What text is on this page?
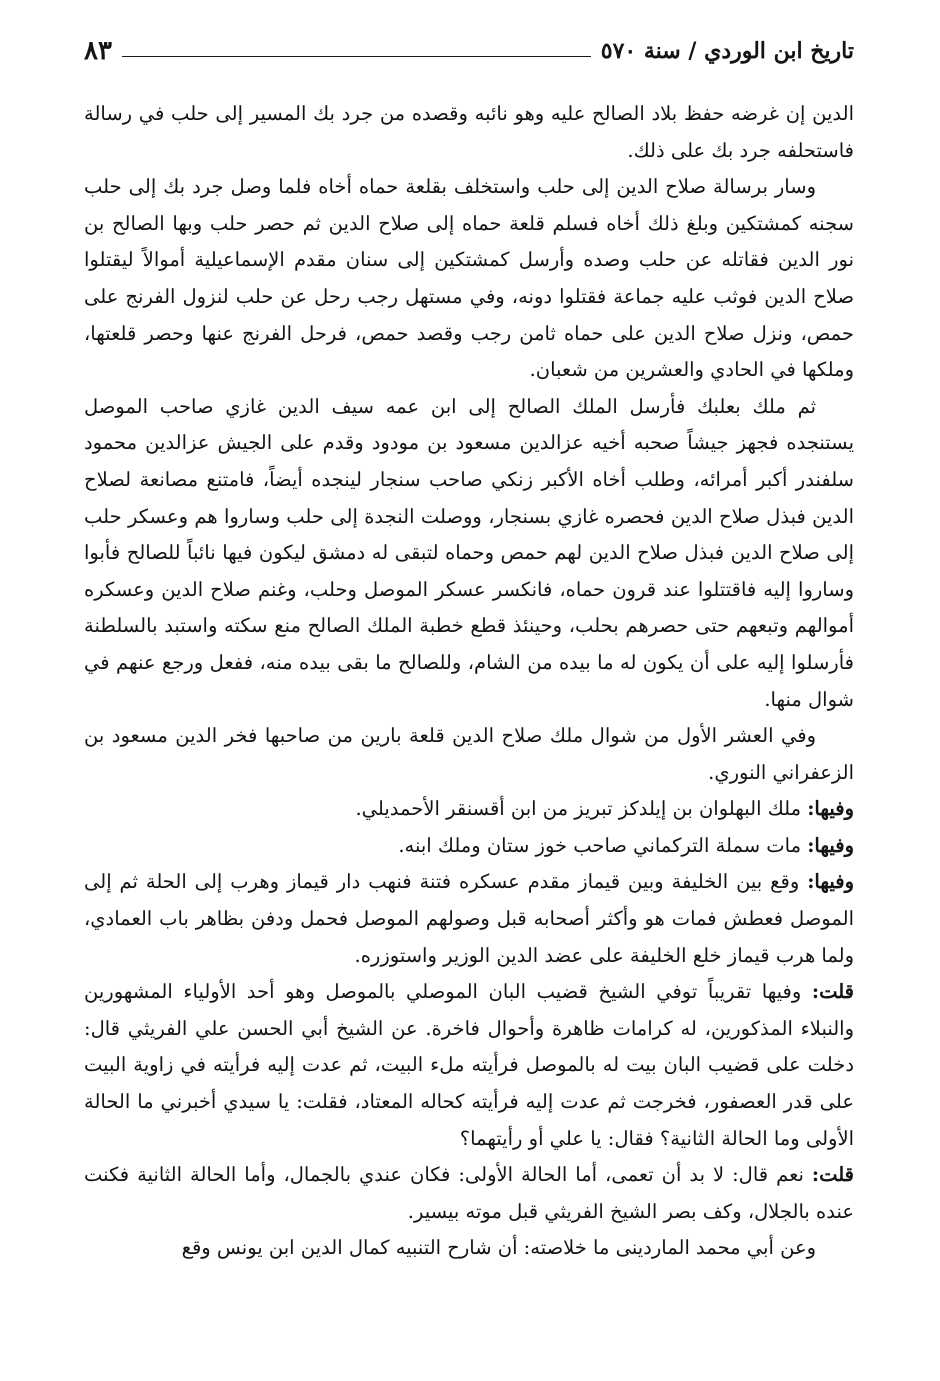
تاريخ ابن الوردي / سنة ٥٧٠
٨٣

الدين إن غرضه حفظ بلاد الصالح عليه وهو نائبه وقصده من جرد بك المسير إلى حلب في رسالة فاستحلفه جرد بك على ذلك.

وسار برسالة صلاح الدين إلى حلب واستخلف بقلعة حماه أخاه فلما وصل جرد بك إلى حلب سجنه كمشتكين وبلغ ذلك أخاه فسلم قلعة حماه إلى صلاح الدين ثم حصر حلب وبها الصالح بن نور الدين فقاتله عن حلب وصده وأرسل كمشتكين إلى سنان مقدم الإسماعيلية أموالاً ليقتلوا صلاح الدين فوثب عليه جماعة فقتلوا دونه، وفي مستهل رجب رحل عن حلب لنزول الفرنج على حمص، ونزل صلاح الدين على حماه ثامن رجب وقصد حمص، فرحل الفرنج عنها وحصر قلعتها، وملكها في الحادي والعشرين من شعبان.

ثم ملك بعلبك فأرسل الملك الصالح إلى ابن عمه سيف الدين غازي صاحب الموصل يستنجده فجهز جيشاً صحبه أخيه عزالدين مسعود بن مودود وقدم على الجيش عزالدين محمود سلفندر أكبر أمرائه، وطلب أخاه الأكبر زنكي صاحب سنجار لينجده أيضاً، فامتنع مصانعة لصلاح الدين فبذل صلاح الدين فحصره غازي بسنجار، ووصلت النجدة إلى حلب وساروا هم وعسكر حلب إلى صلاح الدين فبذل صلاح الدين لهم حمص وحماه لتبقى له دمشق ليكون فيها نائباً للصالح فأبوا وساروا إليه فاقتتلوا عند قرون حماه، فانكسر عسكر الموصل وحلب، وغنم صلاح الدين وعسكره أموالهم وتبعهم حتى حصرهم بحلب، وحينئذ قطع خطبة الملك الصالح منع سكته واستبد بالسلطنة فأرسلوا إليه على أن يكون له ما بيده من الشام، وللصالح ما بقى بيده منه، ففعل ورجع عنهم في شوال منها.

وفي العشر الأول من شوال ملك صلاح الدين قلعة بارين من صاحبها فخر الدين مسعود بن الزعفراني النوري.

وفيها: ملك البهلوان بن إيلدكز تبريز من ابن أقسنقر الأحمديلي.

وفيها: مات سملة التركماني صاحب خوز ستان وملك ابنه.

وفيها: وقع بين الخليفة وبين قيماز مقدم عسكره فتنة فنهب دار قيماز وهرب إلى الحلة ثم إلى الموصل فعطش فمات هو وأكثر أصحابه قبل وصولهم الموصل فحمل ودفن بظاهر باب العمادي، ولما هرب قيماز خلع الخليفة على عضد الدين الوزير واستوزره.

قلت: وفيها تقريباً توفي الشيخ قضيب البان الموصلي بالموصل وهو أحد الأولياء المشهورين والنبلاء المذكورين، له كرامات ظاهرة وأحوال فاخرة. عن الشيخ أبي الحسن علي الفريثي قال: دخلت على قضيب البان بيت له بالموصل فرأيته ملء البيت، ثم عدت إليه فرأيته في زاوية البيت على قدر العصفور، فخرجت ثم عدت إليه فرأيته كحاله المعتاد، فقلت: يا سيدي أخبرني ما الحالة الأولى وما الحالة الثانية؟ فقال: يا علي أو رأيتهما؟

قلت: نعم قال: لا بد أن تعمى، أما الحالة الأولى: فكان عندي بالجمال، وأما الحالة الثانية فكنت عنده بالجلال، وكف بصر الشيخ الفريثي قبل موته بيسير.

وعن أبي محمد الماردينى ما خلاصته: أن شارح التنبيه كمال الدين ابن يونس وقع
